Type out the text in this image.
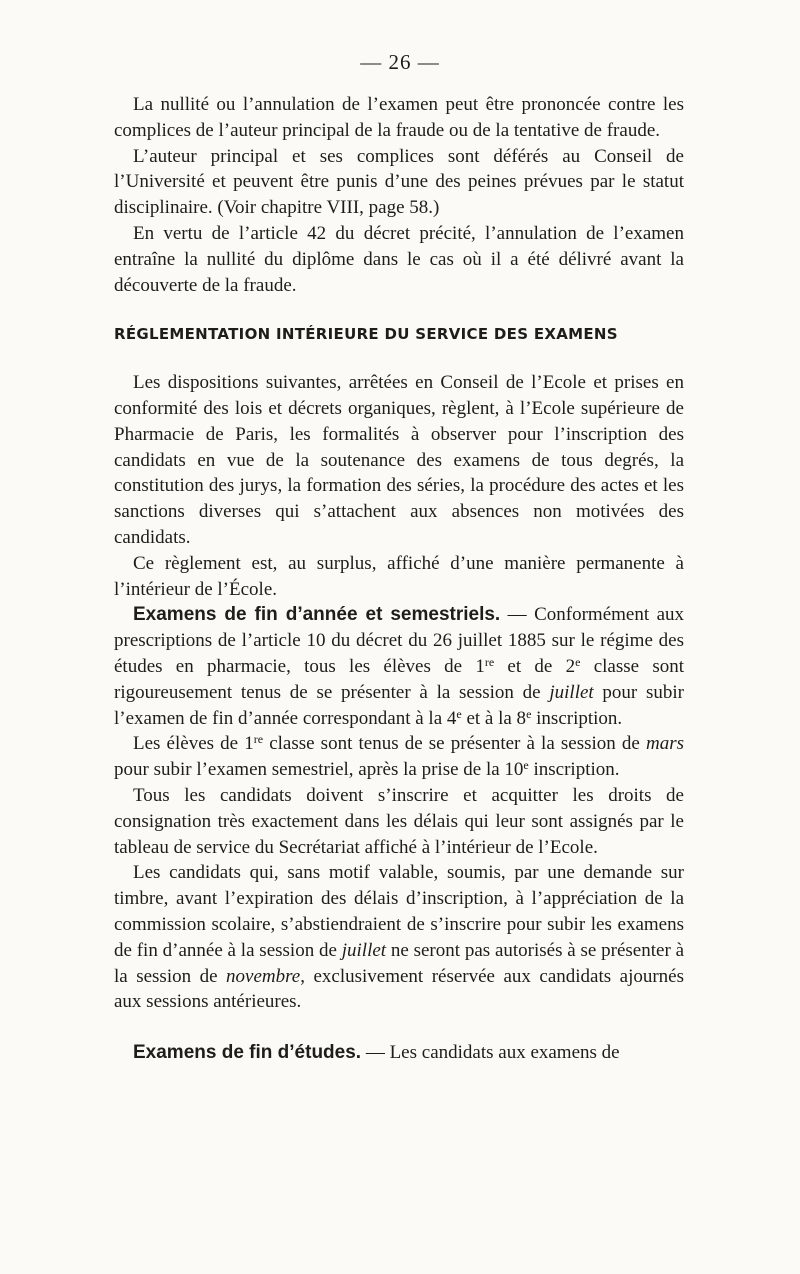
— 26 —

La nullité ou l’annulation de l’examen peut être prononcée contre les complices de l’auteur principal de la fraude ou de la tentative de fraude.

L’auteur principal et ses complices sont déférés au Conseil de l’Université et peuvent être punis d’une des peines prévues par le statut disciplinaire. (Voir chapitre VIII, page 58.)

En vertu de l’article 42 du décret précité, l’annulation de l’examen entraîne la nullité du diplôme dans le cas où il a été délivré avant la découverte de la fraude.

RÉGLEMENTATION INTÉRIEURE DU SERVICE DES EXAMENS

Les dispositions suivantes, arrêtées en Conseil de l’Ecole et prises en conformité des lois et décrets organiques, règlent, à l’Ecole supérieure de Pharmacie de Paris, les formalités à observer pour l’inscription des candidats en vue de la soutenance des examens de tous degrés, la constitution des jurys, la formation des séries, la procédure des actes et les sanctions diverses qui s’attachent aux absences non motivées des candidats.

Ce règlement est, au surplus, affiché d’une manière permanente à l’intérieur de l’École.

Examens de fin d’année et semestriels. — Conformément aux prescriptions de l’article 10 du décret du 26 juillet 1885 sur le régime des études en pharmacie, tous les élèves de 1re et de 2e classe sont rigoureusement tenus de se présenter à la session de juillet pour subir l’examen de fin d’année correspondant à la 4e et à la 8e inscription.

Les élèves de 1re classe sont tenus de se présenter à la session de mars pour subir l’examen semestriel, après la prise de la 10e inscription.

Tous les candidats doivent s’inscrire et acquitter les droits de consignation très exactement dans les délais qui leur sont assignés par le tableau de service du Secrétariat affiché à l’intérieur de l’Ecole.

Les candidats qui, sans motif valable, soumis, par une demande sur timbre, avant l’expiration des délais d’inscription, à l’appréciation de la commission scolaire, s’abstiendraient de s’inscrire pour subir les examens de fin d’année à la session de juillet ne seront pas autorisés à se présenter à la session de novembre, exclusivement réservée aux candidats ajournés aux sessions antérieures.

Examens de fin d’études. — Les candidats aux examens de
